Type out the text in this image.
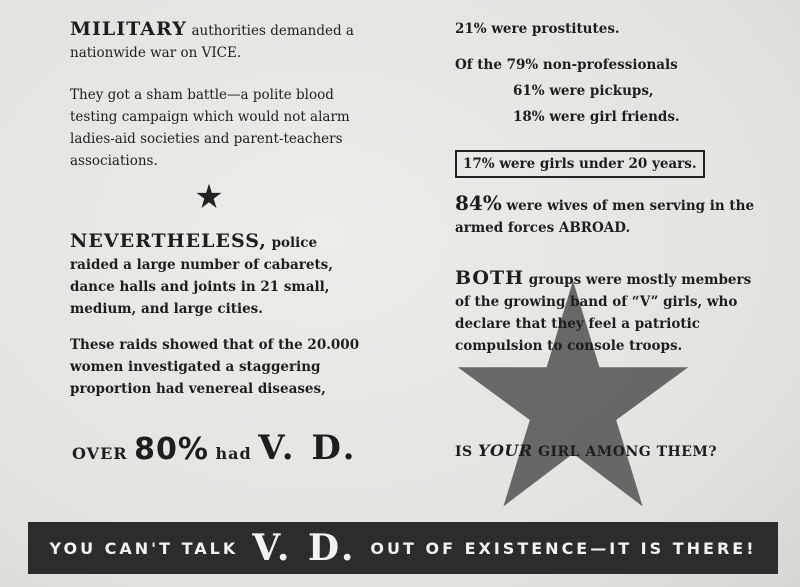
MILITARY authorities demanded a nationwide war on VICE.

They got a sham battle—a polite blood testing campaign which would not alarm ladies-aid societies and parent-teachers associations.

NEVERTHELESS, police raided a large number of cabarets, dance halls and joints in 21 small, medium, and large cities.

These raids showed that of the 20.000 women investigated a staggering proportion had venereal diseases,

OVER 80% had V. D.

21% were prostitutes.

Of the 79% non-professionals

61% were pickups,

18% were girl friends.

17% were girls under 20 years.

84% were wives of men serving in the armed forces ABROAD.

BOTH groups were mostly members of the growing band of “V” girls, who declare that they feel a patriotic compulsion to console troops.

IS YOUR GIRL AMONG THEM?
YOU CAN'T TALK V. D. OUT OF EXISTENCE—IT IS THERE!
